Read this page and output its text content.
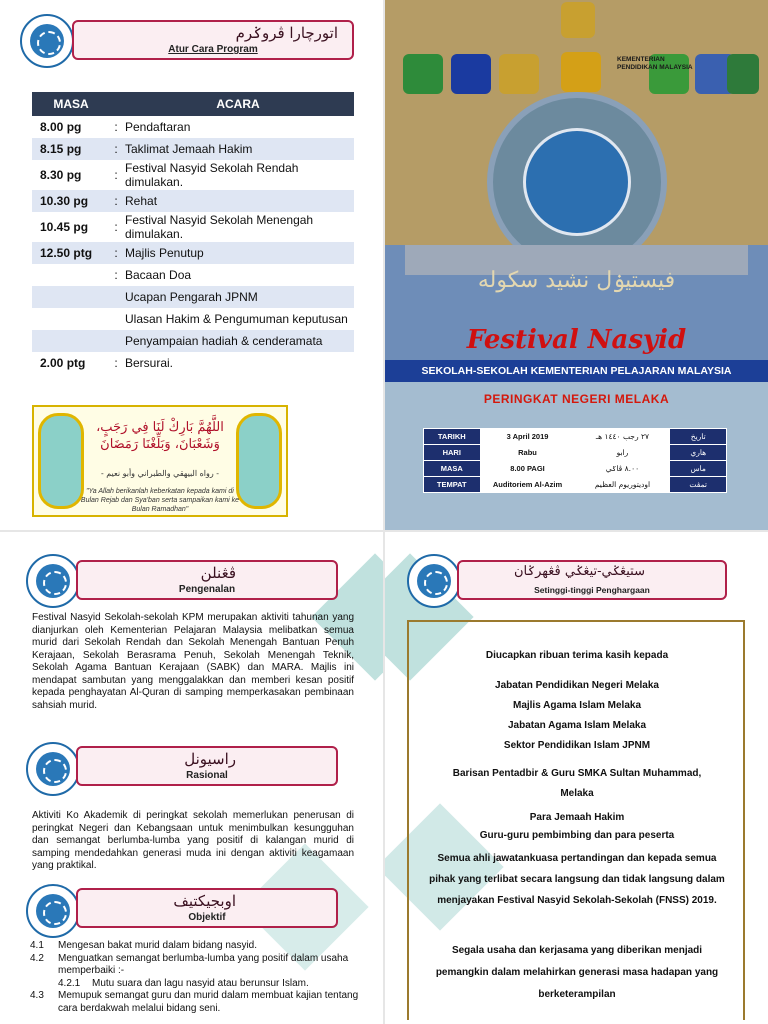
اتورچارا ڤروݢرم
Atur Cara Program
MASA		ACARA
8.00 pg	:	Pendaftaran
8.15 pg	:	Taklimat Jemaah Hakim
8.30 pg	:	Festival Nasyid Sekolah Rendah dimulakan.
10.30 pg	:	Rehat
10.45 pg	:	Festival Nasyid Sekolah Menengah dimulakan.
12.50 ptg	:	Majlis Penutup
	:	Bacaan Doa
		Ucapan Pengarah JPNM
		Ulasan Hakim & Pengumuman keputusan
		Penyampaian hadiah & cenderamata
2.00 ptg	:	Bersurai.
اللَّهُمَّ بَارِكْ لَنَا فِي رَجَبٍ، وَشَعْبَانَ، وَبَلِّغْنَا رَمَضَانَ
- رواه البيهقي والطبراني وأبو نعيم -
"Ya Allah berikanlah keberkatan kepada kami di Bulan Rejab dan Sya'ban serta sampaikan kami ke Bulan Ramadhan"
KEMENTERIAN PENDIDIKAN MALAYSIA
فيستيۏل نشيد سکوله
Festival Nasyid
SEKOLAH-SEKOLAH KEMENTERIAN PELAJARAN MALAYSIA
PERINGKAT NEGERI MELAKA
TARIKH	3 April 2019	٢٧ رجب ١٤٤٠ هـ	تاريخ
HARI	Rabu	رابو	هاري
MASA	8.00 PAGI	٨.٠٠ ڤاݢي	ماس
TEMPAT	Auditoriem Al-Azim	اوديتوريوم العظيم	تمڤت
ڤڠنلن
Pengenalan
Festival Nasyid Sekolah-sekolah KPM merupakan aktiviti tahunan yang dianjurkan oleh Kementerian Pelajaran Malaysia melibatkan semua murid dari Sekolah Rendah dan Sekolah Menengah Bantuan Penuh Kerajaan, Sekolah Berasrama Penuh, Sekolah Menengah Teknik, Sekolah Agama Bantuan Kerajaan (SABK) dan MARA. Majlis ini mendapat sambutan yang menggalakkan dan memberi kesan positif kepada penghayatan Al-Quran di samping memperkasakan pembinaan sahsiah murid.
راسيونل
Rasional
Aktiviti Ko Akademik di peringkat sekolah memerlukan penerusan di peringkat Negeri dan Kebangsaan untuk menimbulkan kesungguhan dan semangat berlumba-lumba yang positif di kalangan murid di samping mendedahkan generasi muda ini dengan aktiviti keagamaan yang praktikal.
اوبجيکتيف
Objektif
4.1	Mengesan bakat murid dalam bidang nasyid.
4.2	Menguatkan semangat berlumba-lumba yang positif dalam usaha memperbaiki :-
4.2.1	Mutu suara dan lagu nasyid atau berunsur Islam.
4.3	Memupuk semangat guru dan murid dalam membuat kajian tentang cara berdakwah melalui bidang seni.
ستيڠݢي-تيڠݢي ڤڠهرݢان
Setinggi-tinggi Penghargaan
Diucapkan ribuan terima kasih kepada
Jabatan Pendidikan Negeri Melaka
Majlis Agama Islam Melaka
Jabatan Agama Islam Melaka
Sektor Pendidikan Islam JPNM
Barisan Pentadbir & Guru SMKA Sultan Muhammad, Melaka
Para Jemaah Hakim
Guru-guru pembimbing dan para peserta
Semua ahli jawatankuasa pertandingan dan kepada semua pihak yang terlibat secara langsung dan tidak langsung dalam menjayakan Festival Nasyid Sekolah-Sekolah (FNSS) 2019.
Segala usaha dan kerjasama yang diberikan menjadi pemangkin dalam melahirkan generasi masa hadapan yang berketerampilan
